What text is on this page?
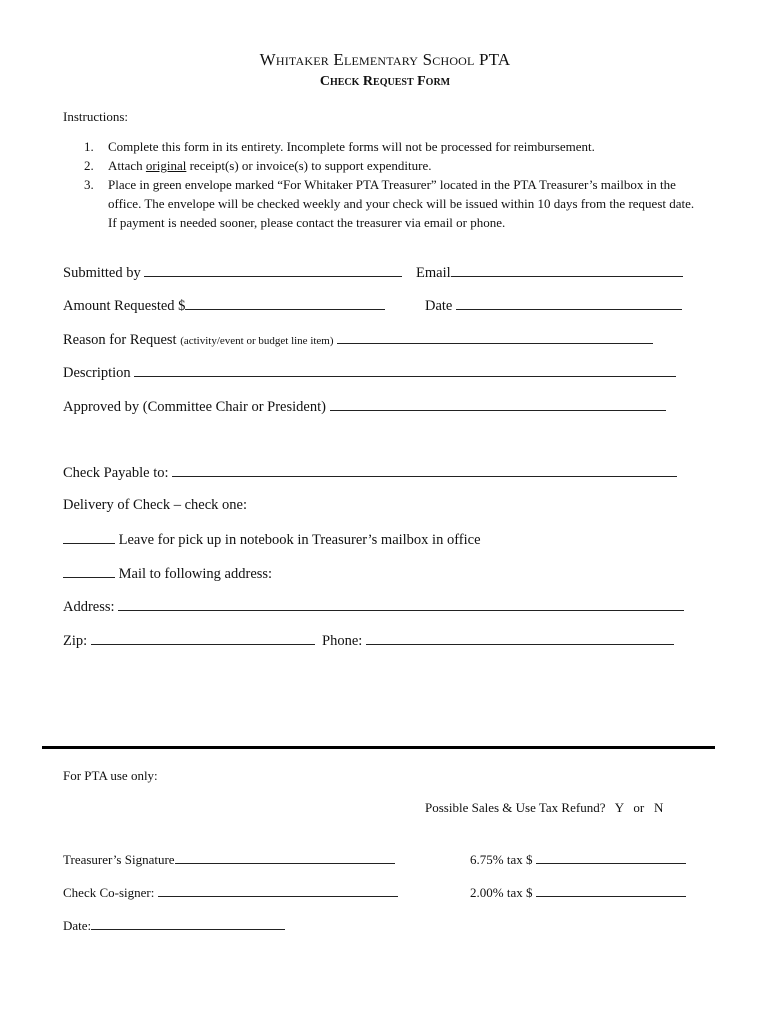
Whitaker Elementary School PTA
Check Request Form
Instructions:
1. Complete this form in its entirety. Incomplete forms will not be processed for reimbursement.
2. Attach original receipt(s) or invoice(s) to support expenditure.
3. Place in green envelope marked “For Whitaker PTA Treasurer” located in the PTA Treasurer’s mailbox in the office. The envelope will be checked weekly and your check will be issued within 10 days from the request date. If payment is needed sooner, please contact the treasurer via email or phone.
Submitted by	Email
Amount Requested $	Date
Reason for Request (activity/event or budget line item)
Description
Approved by (Committee Chair or President)
Check Payable to:
Delivery of Check – check one:
Leave for pick up in notebook in Treasurer’s mailbox in office
Mail to following address:
Address:
Zip:	Phone:
For PTA use only:
Possible Sales & Use Tax Refund?   Y   or   N
Treasurer’s Signature	6.75% tax $
Check Co-signer:	2.00% tax $
Date:
